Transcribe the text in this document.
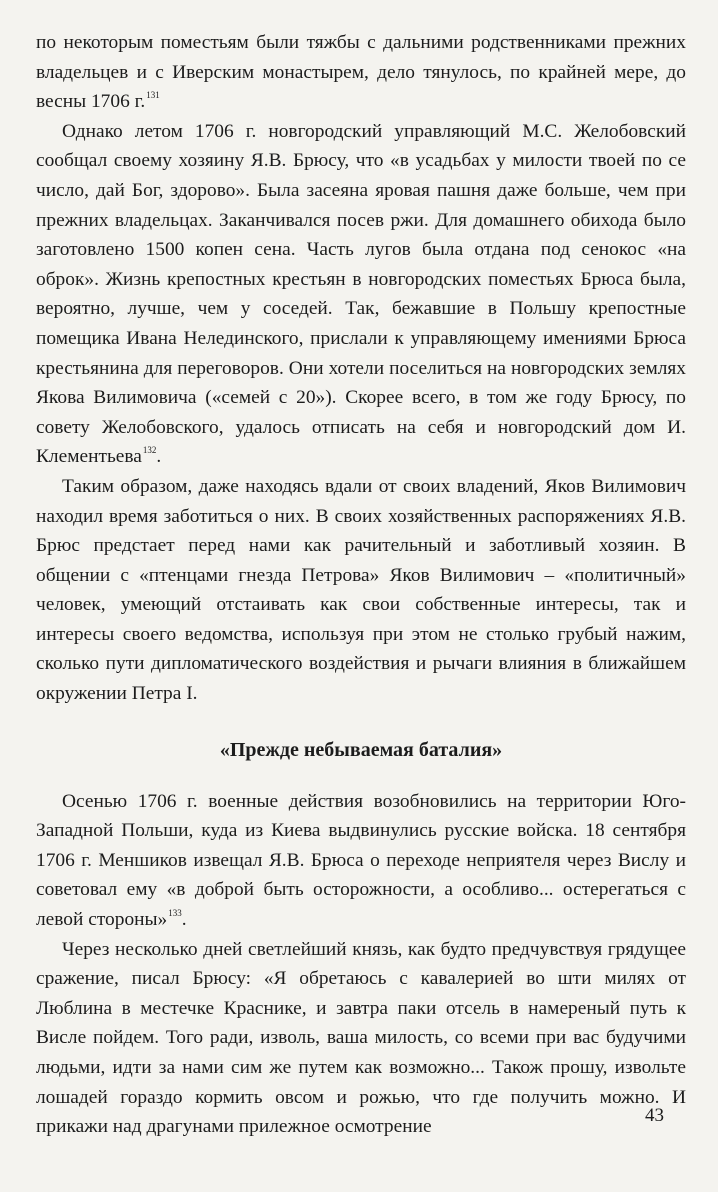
по некоторым поместьям были тяжбы с дальними родственниками прежних владельцев и с Иверским монастырем, дело тянулось, по крайней мере, до весны 1706 г.$^{131}$

Однако летом 1706 г. новгородский управляющий М.С. Желобовский сообщал своему хозяину Я.В. Брюсу, что «в усадьбах у милости твоей по се число, дай Бог, здорово». Была засеяна яровая пашня даже больше, чем при прежних владельцах. Заканчивался посев ржи. Для домашнего обихода было заготовлено 1500 копен сена. Часть лугов была отдана под сенокос «на оброк». Жизнь крепостных крестьян в новгородских поместьях Брюса была, вероятно, лучше, чем у соседей. Так, бежавшие в Польшу крепостные помещика Ивана Нелединского, прислали к управляющему имениями Брюса крестьянина для переговоров. Они хотели поселиться на новгородских землях Якова Вилимовича («семей с 20»). Скорее всего, в том же году Брюсу, по совету Желобовского, удалось отписать на себя и новгородский дом И. Клементьева$^{132}$.

Таким образом, даже находясь вдали от своих владений, Яков Вилимович находил время заботиться о них. В своих хозяйственных распоряжениях Я.В. Брюс предстает перед нами как рачительный и заботливый хозяин. В общении с «птенцами гнезда Петрова» Яков Вилимович – «политичный» человек, умеющий отстаивать как свои собственные интересы, так и интересы своего ведомства, используя при этом не столько грубый нажим, сколько пути дипломатического воздействия и рычаги влияния в ближайшем окружении Петра I.

«Прежде небываемая баталия»

Осенью 1706 г. военные действия возобновились на территории Юго-Западной Польши, куда из Киева выдвинулись русские войска. 18 сентября 1706 г. Меншиков извещал Я.В. Брюса о переходе неприятеля через Вислу и советовал ему «в доброй быть осторожности, а особливо... остерегаться с левой стороны»$^{133}$.

Через несколько дней светлейший князь, как будто предчувствуя грядущее сражение, писал Брюсу: «Я обретаюсь с кавалерией во шти милях от Люблина в местечке Краснике, и завтра паки отсель в намереный путь к Висле пойдем. Того ради, изволь, ваша милость, со всеми при вас будучими людьми, идти за нами сим же путем как возможно... Також прошу, извольте лошадей гораздо кормить овсом и рожью, что где получить можно. И прикажи над драгунами прилежное осмотрение

43
